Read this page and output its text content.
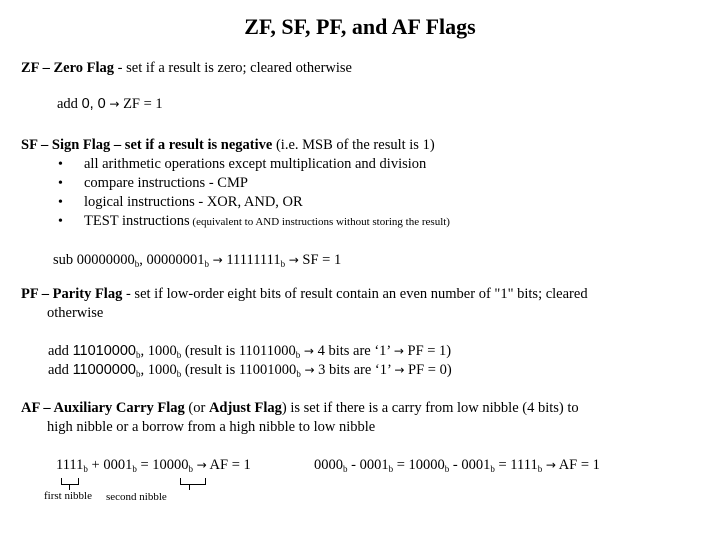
ZF, SF, PF, and AF Flags
ZF – Zero Flag - set if a result is zero; cleared otherwise
add 0, 0 → ZF = 1
SF – Sign Flag – set if a result is negative (i.e. MSB of the result is 1)
• all arithmetic operations except multiplication and division
• compare instructions - CMP
• logical instructions - XOR, AND, OR
• TEST instructions (equivalent to AND instructions without storing the result)
sub $00000000_b$, $00000001_b \to 11111111_b$ → SF = 1
PF – Parity Flag - set if low-order eight bits of result contain an even number of "1" bits; cleared
otherwise
add $11010000_b$, $1000_b$ (result is $11011000_b \to 4$ bits are ‘1’ → PF = 1)
add $11000000_b$, $1000_b$ (result is $11001000_b \to 3$ bits are ‘1’ → PF = 0)
AF – Auxiliary Carry Flag (or Adjust Flag) is set if there is a carry from low nibble (4 bits) to
high nibble or a borrow from a high nibble to low nibble
$1111_b + 0001_b = 10000_b$ → AF = 1	$0000_b - 0001_b = 10000_b - 0001_b = 1111_b$ → AF = 1
first nibble second nibble
